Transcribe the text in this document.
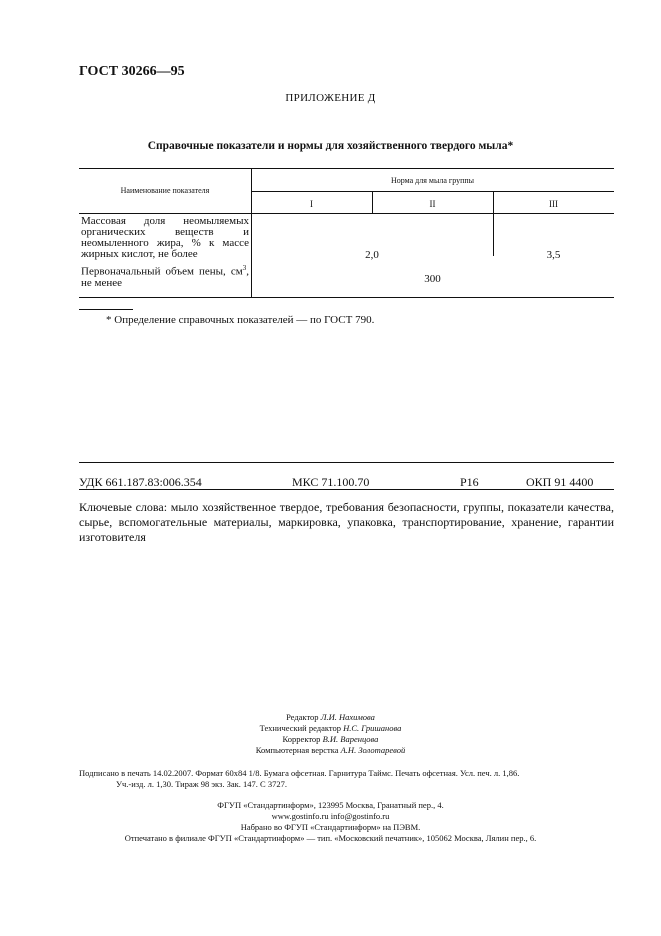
ГОСТ 30266—95
ПРИЛОЖЕНИЕ Д
Справочные показатели и нормы для хозяйственного твердого мыла*
Наименование показателя
Норма для мыла группы
I	II	III
Массовая доля неомыляемых органических веществ и неомыленного жира, % к массе жирных кислот, не более	2,0	3,5
Первоначальный объем пены, $см^3$, не менее	300
* Определение справочных показателей — по ГОСТ 790.
УДК 661.187.83:006.354	МКС 71.100.70	Р16	ОКП 91 4400
Ключевые слова: мыло хозяйственное твердое, требования безопасности, группы, показатели качества, сырье, вспомогательные материалы, маркировка, упаковка, транспортирование, хранение, гарантии изготовителя
Редактор Л.И. Нахимова
Технический редактор Н.С. Гришанова
Корректор В.И. Варенцова
Компьютерная верстка А.Н. Золотаревой
Подписано в печать 14.02.2007. Формат 60х84 1/8. Бумага офсетная. Гарнитура Таймс. Печать офсетная. Усл. печ. л. 1,86.
Уч.-изд. л. 1,30. Тираж 98 экз. Зак. 147. С 3727.
ФГУП «Стандартинформ», 123995 Москва, Гранатный пер., 4.
www.gostinfo.ru info@gostinfo.ru
Набрано во ФГУП «Стандартинформ» на ПЭВМ.
Отпечатано в филиале ФГУП «Стандартинформ» — тип. «Московский печатник», 105062 Москва, Лялин пер., 6.
